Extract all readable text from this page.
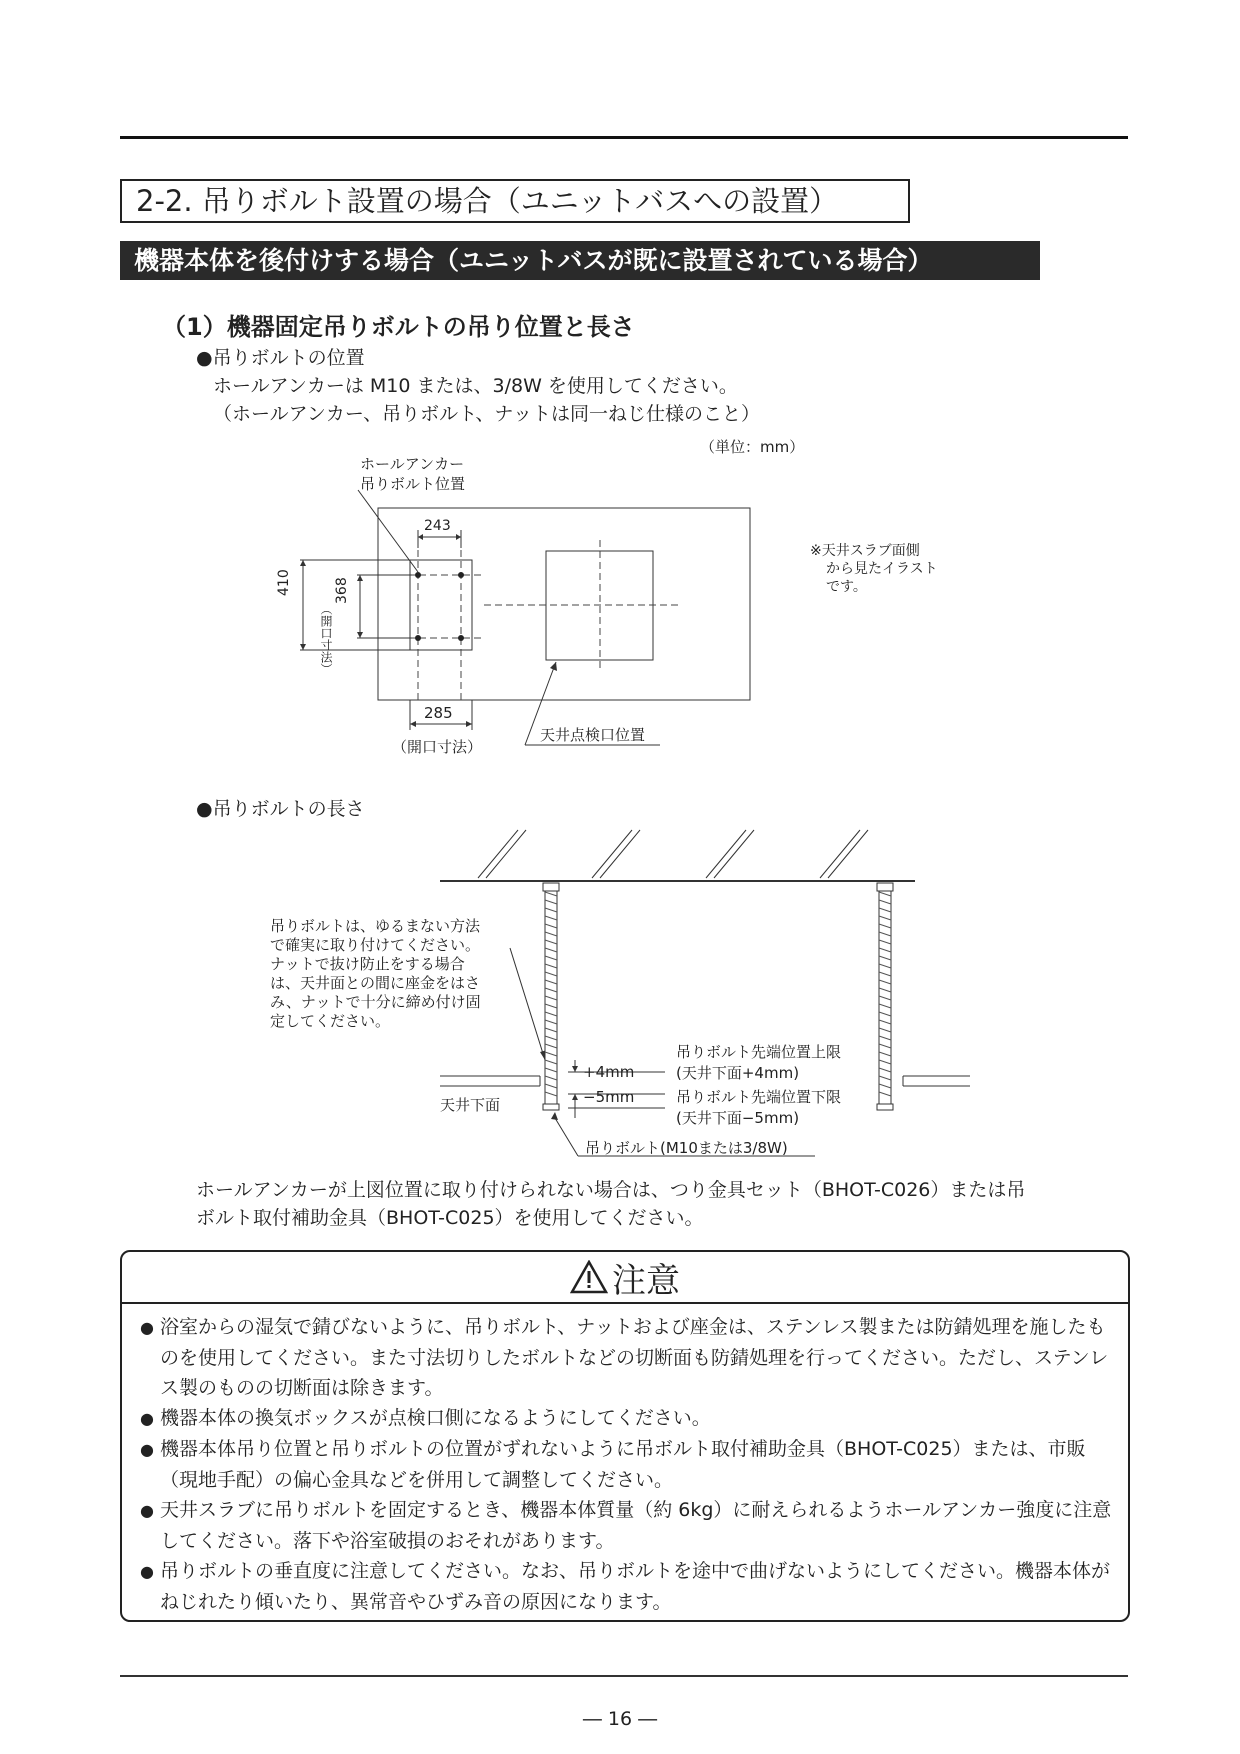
2-2. 吊りボルト設置の場合（ユニットバスへの設置）
機器本体を後付けする場合（ユニットバスが既に設置されている場合）
（1）機器固定吊りボルトの吊り位置と長さ
●吊りボルトの位置
ホールアンカーは M10 または、3/8W を使用してください。
（ホールアンカー、吊りボルト、ナットは同一ねじ仕様のこと）
（単位：mm）
ホールアンカー
吊りボルト位置
243
410
（開口寸法）
368
285
（開口寸法）
天井点検口位置
※天井スラブ面側
から見たイラスト
です。
●吊りボルトの長さ
吊りボルトは、ゆるまない方法
で確実に取り付けてください。
ナットで抜け防止をする場合
は、天井面との間に座金をはさ
み、ナットで十分に締め付け固
定してください。
+4mm
−5mm
天井下面
吊りボルト先端位置上限
(天井下面+4mm)
吊りボルト先端位置下限
(天井下面−5mm)
吊りボルト(M10または3/8W)
ホールアンカーが上図位置に取り付けられない場合は、つり金具セット（BHOT-C026）または吊
ボルト取付補助金具（BHOT-C025）を使用してください。
注意
● 浴室からの湿気で錆びないように、吊りボルト、ナットおよび座金は、ステンレス製または防錆処理を施したものを使用してください。また寸法切りしたボルトなどの切断面も防錆処理を行ってください。ただし、ステンレス製のものの切断面は除きます。
● 機器本体の換気ボックスが点検口側になるようにしてください。
● 機器本体吊り位置と吊りボルトの位置がずれないように吊ボルト取付補助金具（BHOT-C025）または、市販（現地手配）の偏心金具などを併用して調整してください。
● 天井スラブに吊りボルトを固定するとき、機器本体質量（約 6kg）に耐えられるようホールアンカー強度に注意してください。落下や浴室破損のおそれがあります。
● 吊りボルトの垂直度に注意してください。なお、吊りボルトを途中で曲げないようにしてください。機器本体がねじれたり傾いたり、異常音やひずみ音の原因になります。
― 16 ―
